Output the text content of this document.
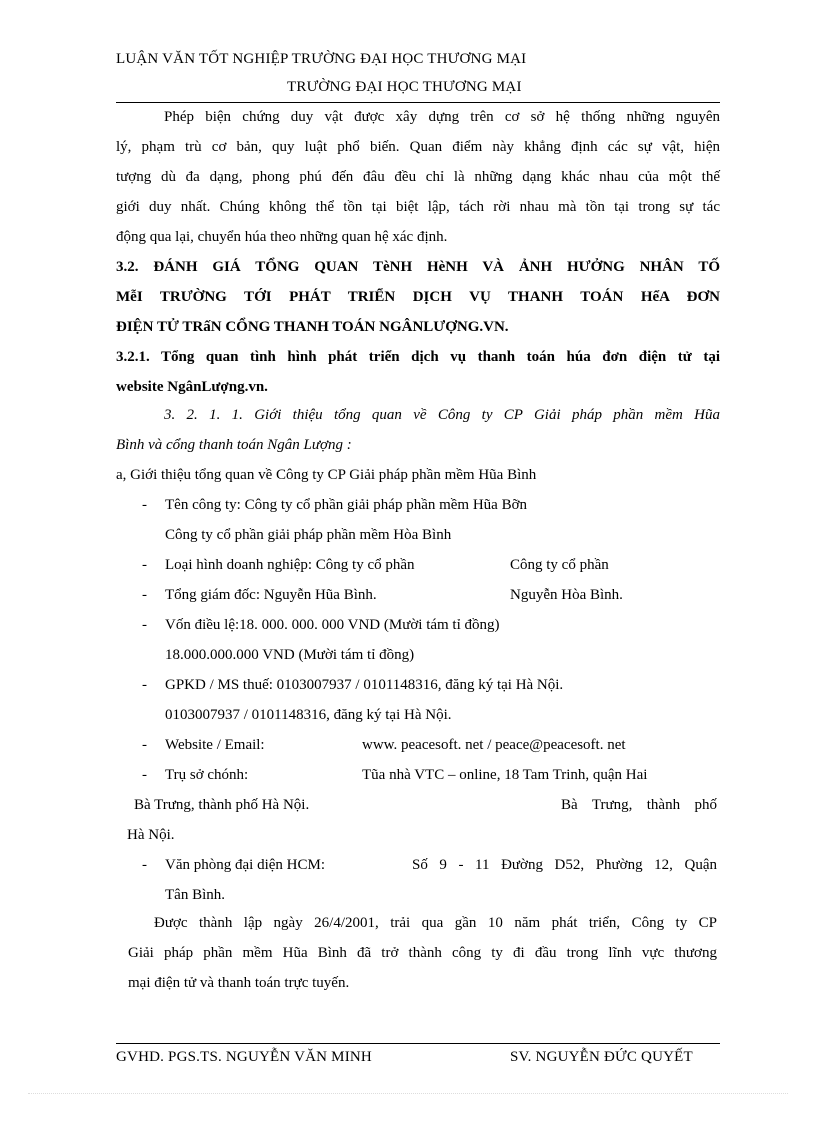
LUẬN VĂN TỐT NGHIỆP TRƯỜNG ĐẠI HỌC THƯƠNG MẠI
TRƯỜNG ĐẠI HỌC THƯƠNG MẠI
Phép biện chứng duy vật được xây dựng trên cơ sở hệ thống những nguyên
lý, phạm trù cơ bản, quy luật phổ biến. Quan điểm này khẳng định các sự vật, hiện
tượng dù đa dạng, phong phú đến đâu đều chỉ là những dạng khác nhau của một thế
giới duy nhất. Chúng không thể tồn tại biệt lập, tách rời nhau mà tồn tại trong sự tác
động qua lại, chuyển húa theo những quan hệ xác định.
3.2. ĐÁNH GIÁ TỔNG QUAN TèNH HèNH VÀ ẢNH HƯỞNG NHÂN TỐ
MễI TRƯỜNG TỚI PHÁT TRIỂN DỊCH VỤ THANH TOÁN HểA ĐƠN
ĐIỆN TỬ TRấN CỔNG THANH TOÁN NGÂNLƯỢNG.VN.
3.2.1. Tổng quan tình hình phát triển dịch vụ thanh toán húa đơn điện tử tại
website NgânLượng.vn.
3. 2. 1. 1. Giới thiệu tổng quan về Công ty CP Giải pháp phần mềm Hũa
Bình và cổng thanh toán Ngân Lượng :
a, Giới thiệu tổng quan về Công ty CP Giải pháp phần mềm Hũa Bình
- Tên công ty: Công ty cổ phần giải pháp phần mềm Hũa Bỡn
Công ty cổ phần giải pháp phần mềm Hòa Bình
- Loại hình doanh nghiệp: Công ty cổ phần	Công ty cổ phần
- Tổng giám đốc: Nguyễn Hũa Bình.	Nguyễn Hòa Bình.
- Vốn điều lệ:18. 000. 000. 000 VND (Mười tám tỉ đồng)
18.000.000.000 VND (Mười tám tỉ đồng)
- GPKD / MS thuế: 0103007937 / 0101148316, đăng ký tại Hà Nội.
0103007937 / 0101148316, đăng ký tại Hà Nội.
- Website / Email:	www. peacesoft. net / peace@peacesoft. net
- Trụ sở chónh:	Tũa nhà VTC – online, 18 Tam Trinh, quận Hai
Bà Trưng, thành phố Hà Nội.	Bà Trưng, thành phố
Hà Nội.
- Văn phòng đại diện HCM:	Số 9 - 11 Đường D52, Phường 12, Quận
Tân Bình.
Được thành lập ngày 26/4/2001, trải qua gần 10 năm phát triển, Công ty CP
Giải pháp phần mềm Hũa Bình đã trở thành công ty đi đầu trong lĩnh vực thương
mại điện tử và thanh toán trực tuyến.
GVHD. PGS.TS. NGUYỄN VĂN MINH	SV. NGUYỄN ĐỨC QUYẾT
